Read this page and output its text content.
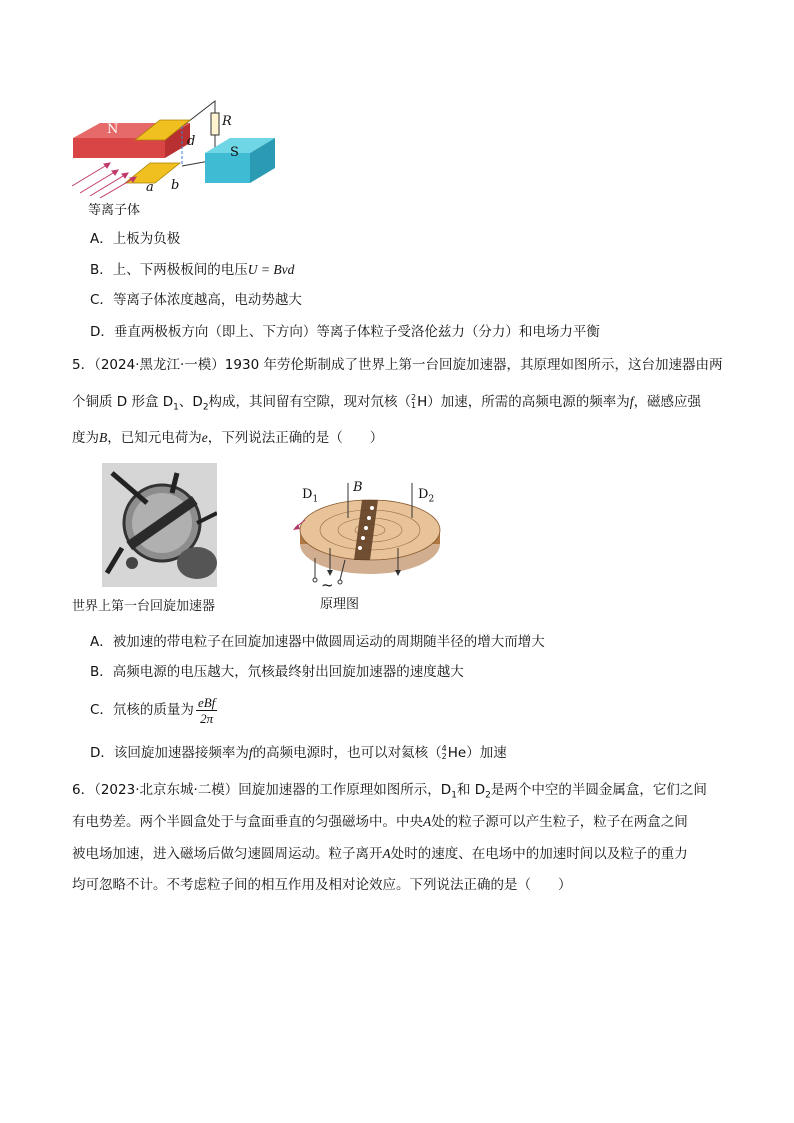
N
S
R
d
a b
等离子体
A．上板为负极
B．上、下两极板间的电压U = Bvd
C．等离子体浓度越高，电动势越大
D．垂直两极板方向（即上、下方向）等离子体粒子受洛伦兹力（分力）和电场力平衡
5．（2024·黑龙江·一模）1930 年劳伦斯制成了世界上第一台回旋加速器，其原理如图所示，这台加速器由两
个铜质 D 形盒 $D_1$、$D_2$构成，其间留有空隙，现对氘核（ 2
1 H）加速，所需的高频电源的频率为f，磁感应强
度为B，已知元电荷为e，下列说法正确的是（　　）
世界上第一台回旋加速器
$D_1$	$D_2$
B
~
原理图
A．被加速的带电粒子在回旋加速器中做圆周运动的周期随半径的增大而增大
B．高频电源的电压越大，氘核最终射出回旋加速器的速度越大
C．氘核的质量为 $\frac{\text{eBf}}{2\pi}$
D．该回旋加速器接频率为f的高频电源时，也可以对氦核（ 4
2 He）加速
6．（2023·北京东城·二模）回旋加速器的工作原理如图所示，$D_1$和 $D_2$是两个中空的半圆金属盒，它们之间
有电势差。两个半圆盒处于与盒面垂直的匀强磁场中。中央A处的粒子源可以产生粒子，粒子在两盒之间
被电场加速，进入磁场后做匀速圆周运动。粒子离开A处时的速度、在电场中的加速时间以及粒子的重力
均可忽略不计。不考虑粒子间的相互作用及相对论效应。下列说法正确的是（　　）
